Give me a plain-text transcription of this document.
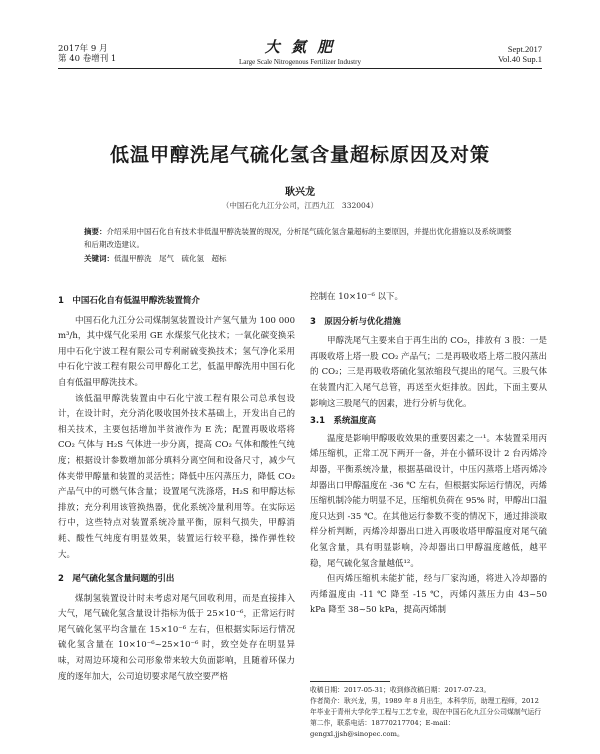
2017年 9 月
第 40 卷增刊 1
大 氮 肥
Large Scale Nitrogenous Fertilizer Industry
Sept.2017
Vol.40 Sup.1
低温甲醇洗尾气硫化氢含量超标原因及对策
耿兴龙
（中国石化九江分公司，江西九江　332004）
摘要：介绍采用中国石化自有技术非低温甲醇洗装置的现况，分析尾气硫化氢含量超标的主要原因，并提出优化措施以及系统调整和后期改造建议。
关键词：低温甲醇洗　尾气　硫化氢　超标
1　中国石化自有低温甲醇洗装置简介

中国石化九江分公司煤制氢装置设计产氢气量为 100 000 m³/h，其中煤气化采用 GE 水煤浆气化技术；一氧化碳变换采用中石化宁波工程有限公司专利耐硫变换技术；氢气净化采用中石化宁波工程有限公司甲醇化工艺，低温甲醇洗用中国石化自有低温甲醇洗技术。

该低温甲醇洗装置由中石化宁波工程有限公司总承包设计，在设计时，充分消化吸收国外技术基础上，开发出自己的相关技术，主要包括增加半贫液作为 E 洗；配置再吸收塔将 CO₂ 气体与 H₂S 气体进一步分离，提高 CO₂ 气体和酸性气纯度；根据设计参数增加部分填料分离空间和设备尺寸，减少气体夹带甲醇量和装置的灵活性；降低中压闪蒸压力，降低 CO₂ 产品气中的可燃气体含量；设置尾气洗涤塔，H₂S 和甲醇达标排放；充分利用该管换热器，优化系统冷量利用等。在实际运行中，这些特点对装置系统冷量平衡，原料气损失，甲醇消耗、酸性气纯度有明显效果，装置运行较平稳，操作弹性较大。

2　尾气硫化氢含量问题的引出

煤制氢装置设计时未考虑对尾气回收利用，而是直接排入大气，尾气硫化氢含量设计指标为低于 25×10⁻⁶，正常运行时尾气硫化氢平均含量在 15×10⁻⁶ 左右，但根据实际运行情况硫化氢含量在 10×10⁻⁶~25×10⁻⁶ 时，致空处存在明显异味，对周边环境和公司形象带来较大负面影响，且随着环保力度的逐年加大，公司迫切要求尾气放空要严格

控制在 10×10⁻⁶ 以下。

3　原因分析与优化措施

甲醇洗尾气主要来自于再生出的 CO₂，排放有 3 股：一是再吸收塔上塔一股 CO₂ 产品气；二是再吸收塔上塔二股闪蒸出的 CO₂；三是再吸收塔硫化氢浓缩段气提出的尾气。三股气体在装置内汇入尾气总管，再送至火炬排放。因此，下面主要从影响这三股尾气的因素，进行分析与优化。

3.1　系统温度高

温度是影响甲醇吸收效果的重要因素之一¹。本装置采用丙烯压缩机，正常工况下两开一备，并在小循环设计 2 台丙烯冷却器，平衡系统冷量，根据基础设计，中压闪蒸塔上塔丙烯冷却器出口甲醇温度在 -36 ℃ 左右，但根据实际运行情况，丙烯压缩机制冷能力明显不足，压缩机负荷在 95% 时，甲醇出口温度只达到 -35 ℃。在其他运行参数不变的情况下，通过排淡取样分析判断，丙烯冷却器出口进入再吸收塔甲醇温度对尾气硫化氢含量，具有明显影响，冷却器出口甲醇温度越低，越平稳，尾气硫化氢含量越低¹²。

但丙烯压缩机未能扩能，经与厂家沟通，将进入冷却器的丙烯温度由 -11 ℃ 降至 -15 ℃，丙烯闪蒸压力由 43~50 kPa 降至 38~50 kPa，提高丙烯制

收稿日期：2017-05-31；收到修改稿日期：2017-07-23。
作者简介：耿兴龙，男，1989 年 8 月出生，本科学历，助理工程师，2012 年毕业于青州大学化学工程与工艺专业，现在中国石化九江分公司煤制气运行第二作，联系电话：18770217704；E-mail：gengxl.jjsh@sinopec.com。
